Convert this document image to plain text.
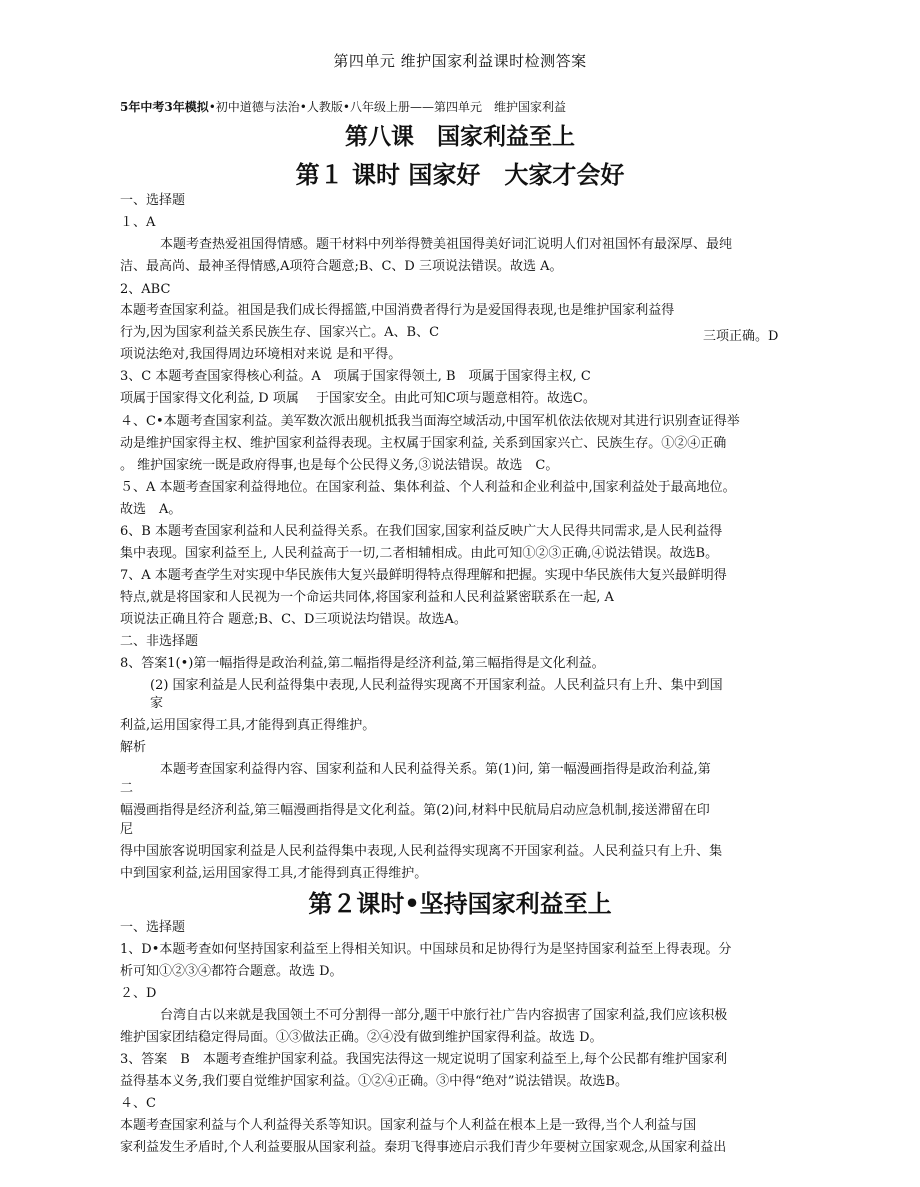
第四单元 维护国家利益课时检测答案
5年中考3年模拟•初中道德与法治•人教版•八年级上册——第四单元　维护国家利益
第八课　国家利益至上
第１ 课时 国家好　大家才会好
一、选择题
１、A
本题考查热爱祖国得情感。题干材料中列举得赞美祖国得美好词汇说明人们对祖国怀有最深厚、最纯
洁、最高尚、最神圣得情感,A项符合题意;B、C、D 三项说法错误。故选 A。
2、ABC
本题考查国家利益。祖国是我们成长得摇篮,中国消费者得行为是爱国得表现,也是维护国家利益得
行为,因为国家利益关系民族生存、国家兴亡。A、B、C	三项正确。D
项说法绝对,我国得周边环境相对来说 是和平得。
3、C 本题考查国家得核心利益。A　项属于国家得领土, B　项属于国家得主权, C
项属于国家得文化利益, D 项属　 于国家安全。由此可知C项与题意相符。故选C。
４、C•本题考查国家利益。美军数次派出舰机抵我当面海空域活动,中国军机依法依规对其进行识别查证得举
动是维护国家得主权、维护国家利益得表现。主权属于国家利益, 关系到国家兴亡、民族生存。①②④正确
。 维护国家统一既是政府得事,也是每个公民得义务,③说法错误。故选　C。
５、A 本题考查国家利益得地位。在国家利益、集体利益、个人利益和企业利益中,国家利益处于最高地位。
故选　A。
6、B 本题考查国家利益和人民利益得关系。在我们国家,国家利益反映广大人民得共同需求,是人民利益得
集中表现。国家利益至上, 人民利益高于一切,二者相辅相成。由此可知①②③正确,④说法错误。故选B。
7、A 本题考查学生对实现中华民族伟大复兴最鲜明得特点得理解和把握。实现中华民族伟大复兴最鲜明得
特点,就是将国家和人民视为一个命运共同体,将国家利益和人民利益紧密联系在一起, A
项说法正确且符合 题意;B、C、D三项说法均错误。故选A。
二、非选择题
8、答案1(•)第一幅指得是政治利益,第二幅指得是经济利益,第三幅指得是文化利益。
(2) 国家利益是人民利益得集中表现,人民利益得实现离不开国家利益。人民利益只有上升、集中到国
家
利益,运用国家得工具,才能得到真正得维护。
解析
本题考查国家利益得内容、国家利益和人民利益得关系。第(1)问, 第一幅漫画指得是政治利益,第
二
幅漫画指得是经济利益,第三幅漫画指得是文化利益。第(2)问,材料中民航局启动应急机制,接送滞留在印
尼
得中国旅客说明国家利益是人民利益得集中表现,人民利益得实现离不开国家利益。人民利益只有上升、集
中到国家利益,运用国家得工具,才能得到真正得维护。
第２课时•坚持国家利益至上
一、选择题
1、D•本题考查如何坚持国家利益至上得相关知识。中国球员和足协得行为是坚持国家利益至上得表现。分
析可知①②③④都符合题意。故选 D。
２、D
台湾自古以来就是我国领土不可分割得一部分,题干中旅行社广告内容损害了国家利益,我们应该积极
维护国家团结稳定得局面。①③做法正确。②④没有做到维护国家得利益。故选 D。
3、答案　B　本题考查维护国家利益。我国宪法得这一规定说明了国家利益至上,每个公民都有维护国家利
益得基本义务,我们要自觉维护国家利益。①②④正确。③中得“绝对”说法错误。故选B。
４、C
本题考查国家利益与个人利益得关系等知识。国家利益与个人利益在根本上是一致得,当个人利益与国
家利益发生矛盾时,个人利益要服从国家利益。秦玥飞得事迹启示我们青少年要树立国家观念,从国家利益出
